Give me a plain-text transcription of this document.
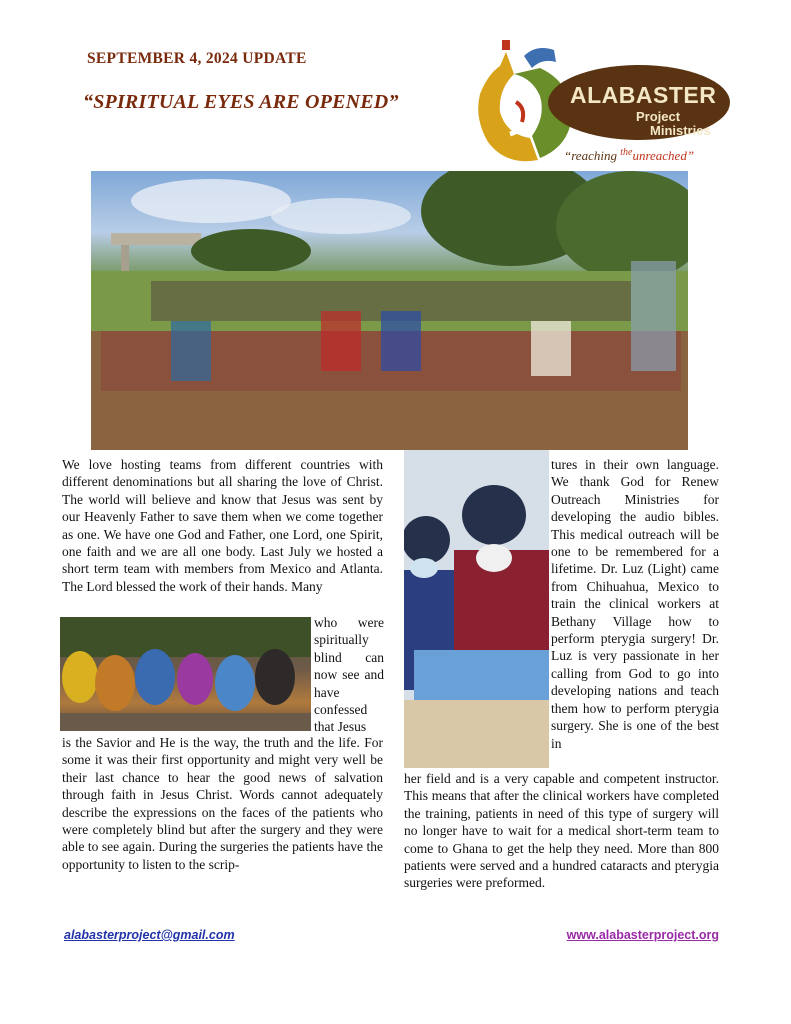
SEPTEMBER 4, 2024 UPDATE
“SPIRITUAL EYES ARE OPENED”	ALABASTER
Project
Ministries
“reaching $^{the}$unreached”
We love hosting teams from different countries with different denominations but all sharing the love of Christ. The world will believe and know that Jesus was sent by our Heavenly Father to save them when we come together as one. We have one God and Father, one Lord, one Spirit, one faith and we are all one body. Last July we hosted a short term team with members from Mexico and Atlanta. The Lord blessed the work of their hands. Many
who were spiritually blind can now see and have confessed that Jesus
is the Savior and He is the way, the truth and the life. For some it was their first opportunity and might very well be their last chance to hear the good news of salvation through faith in Jesus Christ. Words cannot adequately describe the expressions on the faces of the patients who were completely blind but after the surgery and they were able to see again. During the surgeries the patients have the opportunity to listen to the scrip-
tures in their own language. We thank God for Renew Outreach Ministries for developing the audio bibles. This medical outreach will be one to be remembered for a lifetime. Dr. Luz (Light) came from Chihuahua, Mexico to train the clinical workers at Bethany Village how to perform pterygia surgery! Dr. Luz is very passionate in her calling from God to go into developing nations and teach them how to perform pterygia surgery. She is one of the best in
her field and is a very capable and competent instructor. This means that after the clinical workers have completed the training, patients in need of this type of surgery will no longer have to wait for a medical short-term team to come to Ghana to get the help they need. More than 800 patients were served and a hundred cataracts and pterygia surgeries were preformed.
alabasterproject@gmail.com	www.alabasterproject.org
